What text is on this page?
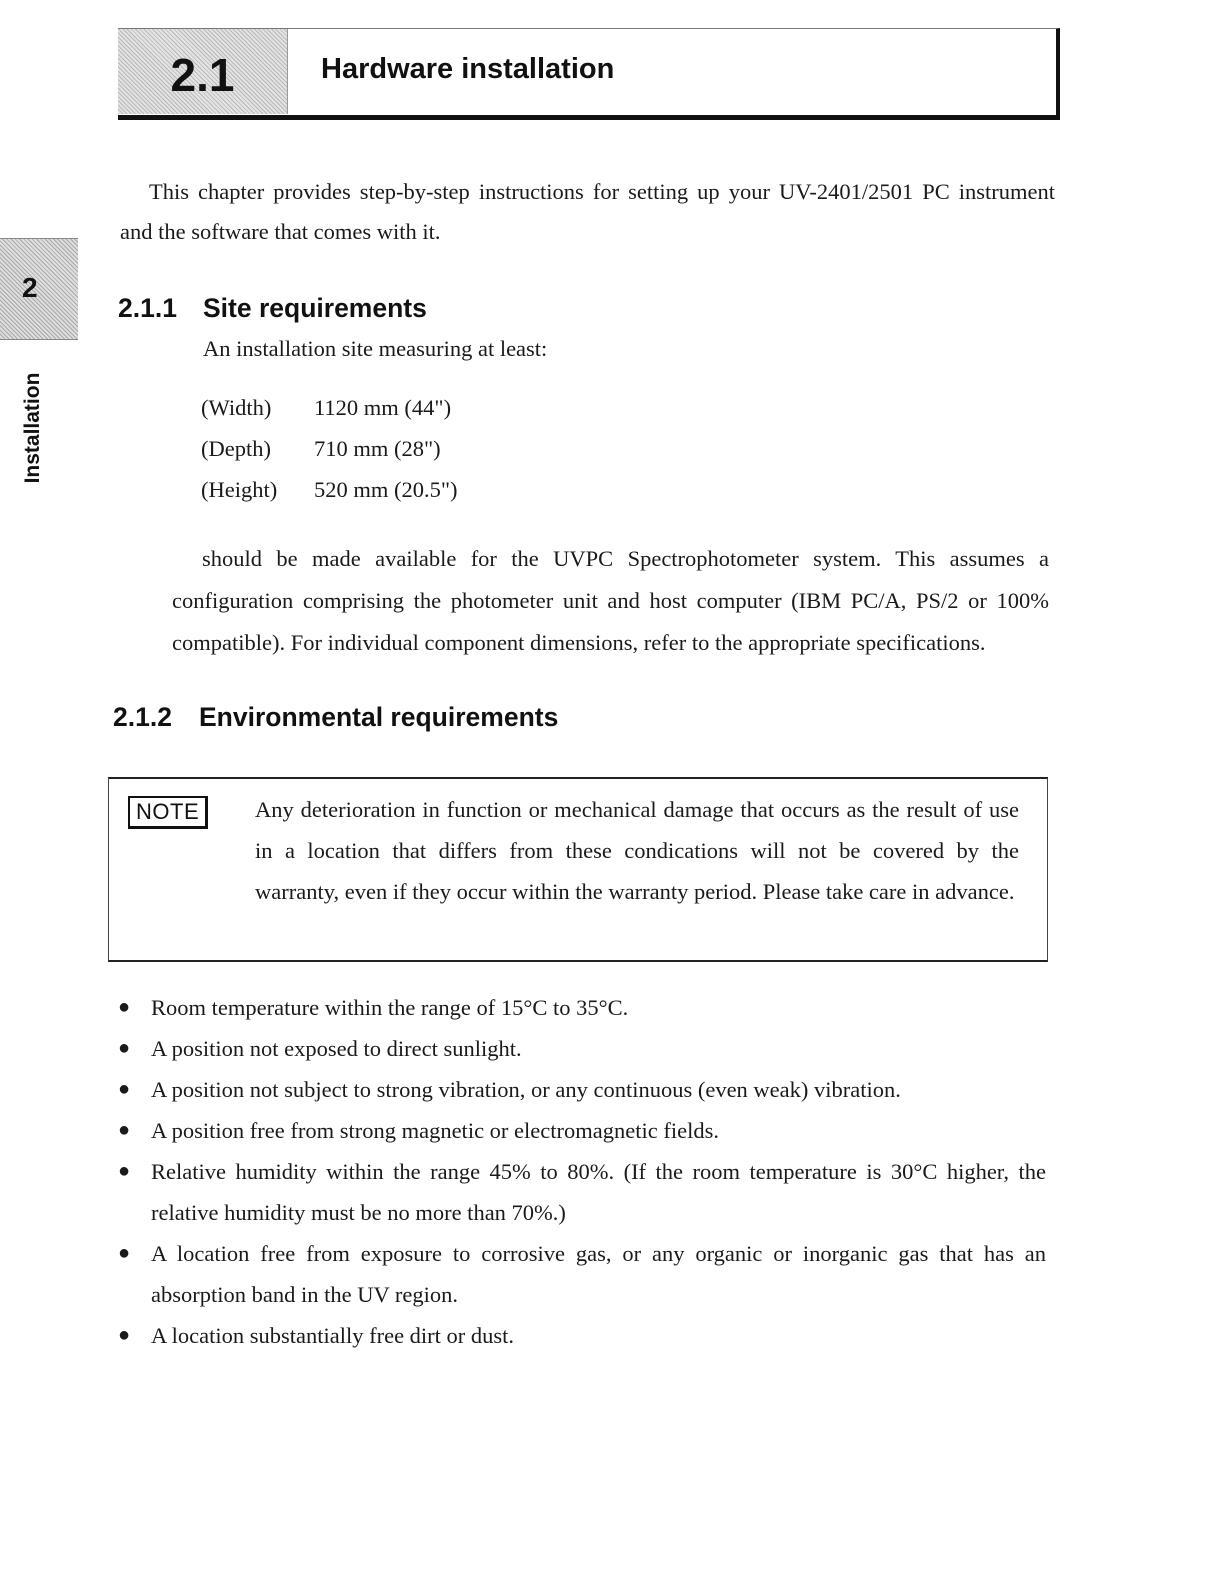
2.1	Hardware installation
2
Installation
This chapter provides step-by-step instructions for setting up your UV-2401/2501 PC instrument and the software that comes with it.
2.1.1 Site requirements
An installation site measuring at least:
(Width) 1120 mm (44")
(Depth) 710 mm (28")
(Height) 520 mm (20.5")
should be made available for the UVPC Spectrophotometer system. This assumes a configuration comprising the photometer unit and host computer (IBM PC/A, PS/2 or 100% compatible). For individual component dimensions, refer to the appropriate specifications.
2.1.2 Environmental requirements
NOTE	Any deterioration in function or mechanical damage that occurs as the result of use in a location that differs from these condications will not be covered by the warranty, even if they occur within the warranty period. Please take care in advance.
● Room temperature within the range of 15°C to 35°C.
● A position not exposed to direct sunlight.
● A position not subject to strong vibration, or any continuous (even weak) vibration.
● A position free from strong magnetic or electromagnetic fields.
● Relative humidity within the range 45% to 80%. (If the room temperature is 30°C higher, the relative humidity must be no more than 70%.)
● A location free from exposure to corrosive gas, or any organic or inorganic gas that has an absorption band in the UV region.
● A location substantially free dirt or dust.
